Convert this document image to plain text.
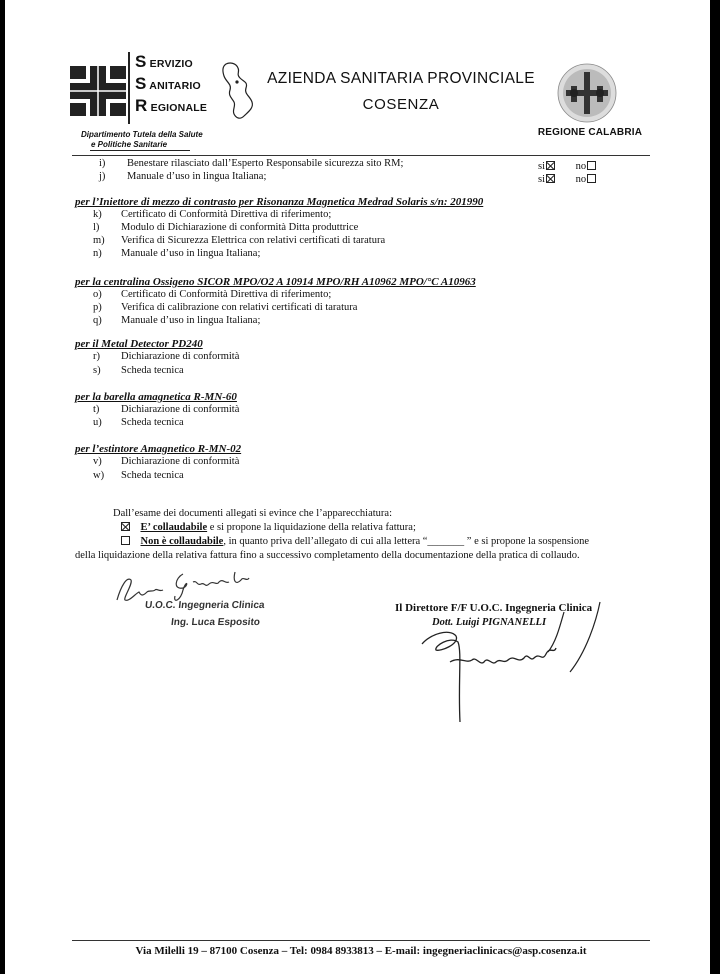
S ERVIZIO
S ANITARIO
R EGIONALE
AZIENDA SANITARIA PROVINCIALE
COSENZA
REGIONE CALABRIA
Dipartimento Tutela della Salute
e Politiche Sanitarie
i)	Benestare rilasciato dall’Esperto Responsabile sicurezza sito RM;	si	no
j)	Manuale d’uso in lingua Italiana;	si	no
per l’Iniettore di mezzo di contrasto per Risonanza Magnetica Medrad Solaris s/n: 201990
k)	Certificato di Conformità Direttiva di riferimento;
l)	Modulo di Dichiarazione di conformità Ditta produttrice
m)	Verifica di Sicurezza Elettrica con relativi certificati di taratura
n)	Manuale d’uso in lingua Italiana;
per la centralina Ossigeno SICOR MPO/O2 A 10914 MPO/RH A10962 MPO/°C A10963
o)	Certificato di Conformità Direttiva di riferimento;
p)	Verifica di calibrazione con relativi certificati di taratura
q)	Manuale d’uso in lingua Italiana;
per il Metal Detector PD240
r)	Dichiarazione di conformità
s)	Scheda tecnica
per la barella amagnetica R-MN-60
t)	Dichiarazione di conformità
u)	Scheda tecnica
per l’estintore Amagnetico R-MN-02
v)	Dichiarazione di conformità
w)	Scheda tecnica
Dall’esame dei documenti allegati si evince che l’apparecchiatura:
E’ collaudabile e si propone la liquidazione della relativa fattura;
Non è collaudabile, in quanto priva dell’allegato di cui alla lettera “_______ ” e si propone la sospensione
della liquidazione della relativa fattura fino a successivo completamento della documentazione della pratica di collaudo.
U.O.C. Ingegneria Clinica
Ing. Luca Esposito
Il Direttore F/F U.O.C. Ingegneria Clinica
Dott. Luigi PIGNANELLI
Via Milelli 19 – 87100 Cosenza – Tel: 0984 8933813 – E-mail: ingegneriaclinicacs@asp.cosenza.it
